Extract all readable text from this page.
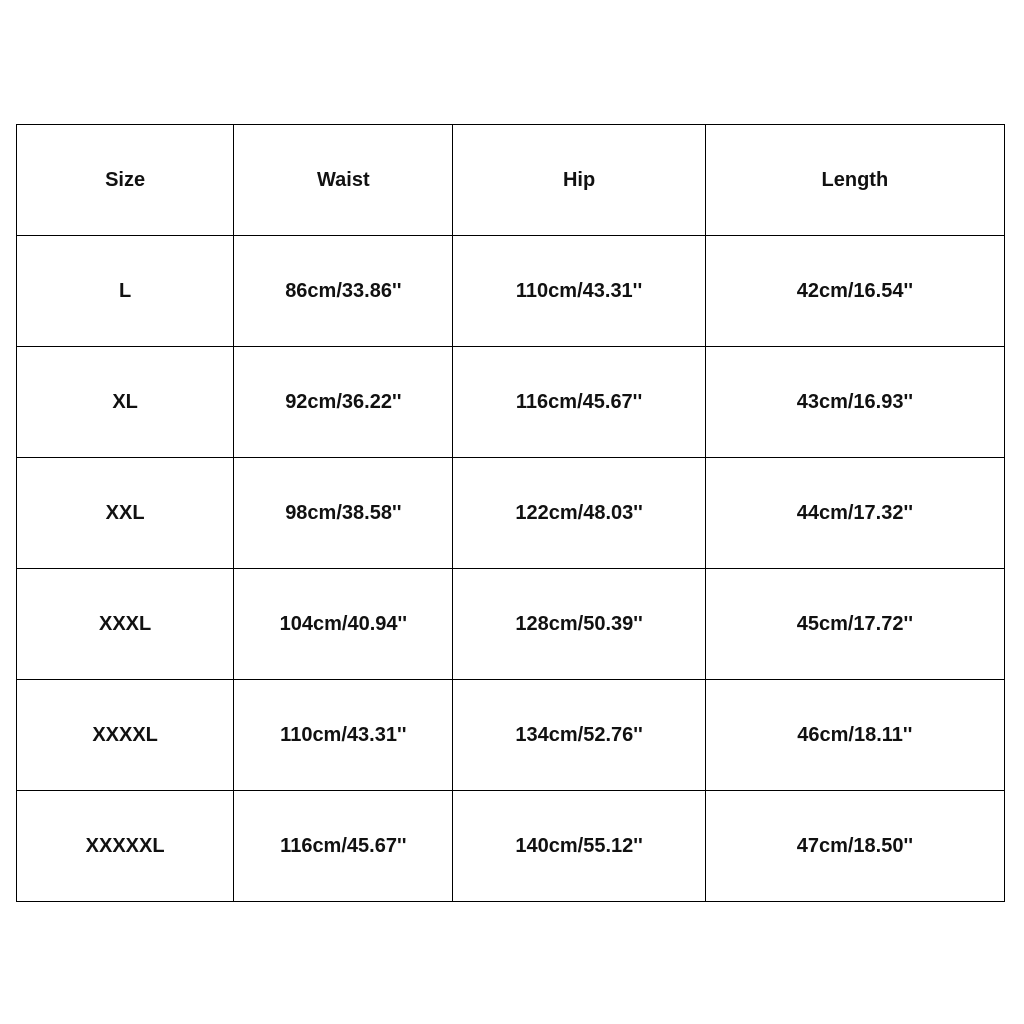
Size	Waist	Hip	Length
L	86cm/33.86''	110cm/43.31''	42cm/16.54''
XL	92cm/36.22''	116cm/45.67''	43cm/16.93''
XXL	98cm/38.58''	122cm/48.03''	44cm/17.32''
XXXL	104cm/40.94''	128cm/50.39''	45cm/17.72''
XXXXL	110cm/43.31''	134cm/52.76''	46cm/18.11''
XXXXXL	116cm/45.67''	140cm/55.12''	47cm/18.50''
